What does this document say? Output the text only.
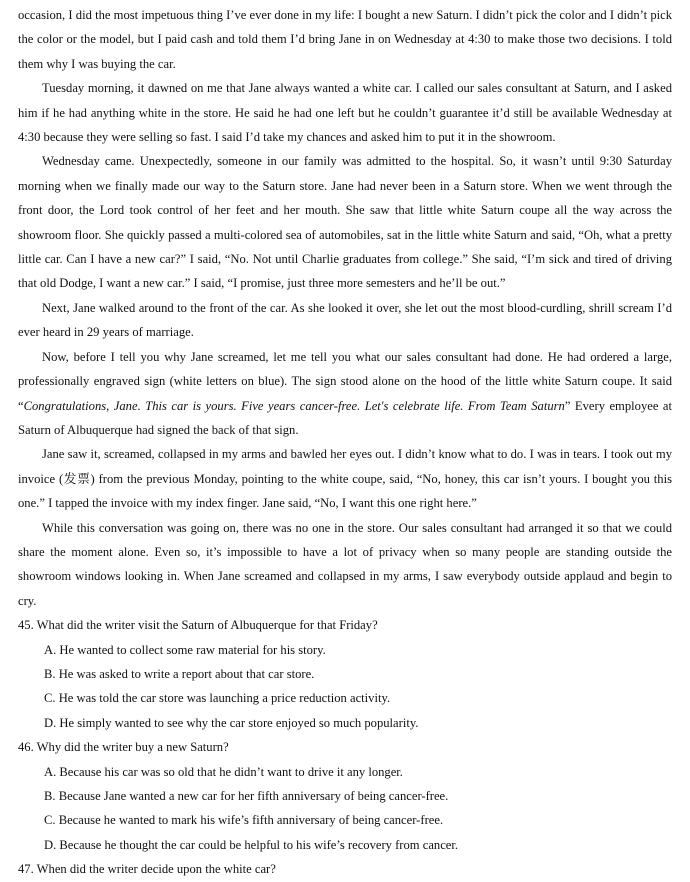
occasion, I did the most impetuous thing I’ve ever done in my life: I bought a new Saturn. I didn’t pick the color and I didn’t pick the color or the model, but I paid cash and told them I’d bring Jane in on Wednesday at 4:30 to make those two decisions. I told them why I was buying the car.

Tuesday morning, it dawned on me that Jane always wanted a white car. I called our sales consultant at Saturn, and I asked him if he had anything white in the store. He said he had one left but he couldn’t guarantee it’d still be available Wednesday at 4:30 because they were selling so fast. I said I’d take my chances and asked him to put it in the showroom.

Wednesday came. Unexpectedly, someone in our family was admitted to the hospital. So, it wasn’t until 9:30 Saturday morning when we finally made our way to the Saturn store. Jane had never been in a Saturn store. When we went through the front door, the Lord took control of her feet and her mouth. She saw that little white Saturn coupe all the way across the showroom floor. She quickly passed a multi-colored sea of automobiles, sat in the little white Saturn and said, “Oh, what a pretty little car. Can I have a new car?” I said, “No. Not until Charlie graduates from college.” She said, “I’m sick and tired of driving that old Dodge, I want a new car.” I said, “I promise, just three more semesters and he’ll be out.”

Next, Jane walked around to the front of the car. As she looked it over, she let out the most blood-curdling, shrill scream I’d ever heard in 29 years of marriage.

Now, before I tell you why Jane screamed, let me tell you what our sales consultant had done. He had ordered a large, professionally engraved sign (white letters on blue). The sign stood alone on the hood of the little white Saturn coupe. It said “Congratulations, Jane. This car is yours. Five years cancer-free. Let's celebrate life. From Team Saturn” Every employee at Saturn of Albuquerque had signed the back of that sign.

Jane saw it, screamed, collapsed in my arms and bawled her eyes out. I didn’t know what to do. I was in tears. I took out my invoice (发票) from the previous Monday, pointing to the white coupe, said, “No, honey, this car isn’t yours. I bought you this one.” I tapped the invoice with my index finger. Jane said, “No, I want this one right here.”

While this conversation was going on, there was no one in the store. Our sales consultant had arranged it so that we could share the moment alone. Even so, it’s impossible to have a lot of privacy when so many people are standing outside the showroom windows looking in. When Jane screamed and collapsed in my arms, I saw everybody outside applaud and begin to cry.

45. What did the writer visit the Saturn of Albuquerque for that Friday?

A. He wanted to collect some raw material for his story.

B. He was asked to write a report about that car store.

C. He was told the car store was launching a price reduction activity.

D. He simply wanted to see why the car store enjoyed so much popularity.

46. Why did the writer buy a new Saturn?

A. Because his car was so old that he didn’t want to drive it any longer.

B. Because Jane wanted a new car for her fifth anniversary of being cancer-free.

C. Because he wanted to mark his wife’s fifth anniversary of being cancer-free.

D. Because he thought the car could be helpful to his wife’s recovery from cancer.

47. When did the writer decide upon the white car?
